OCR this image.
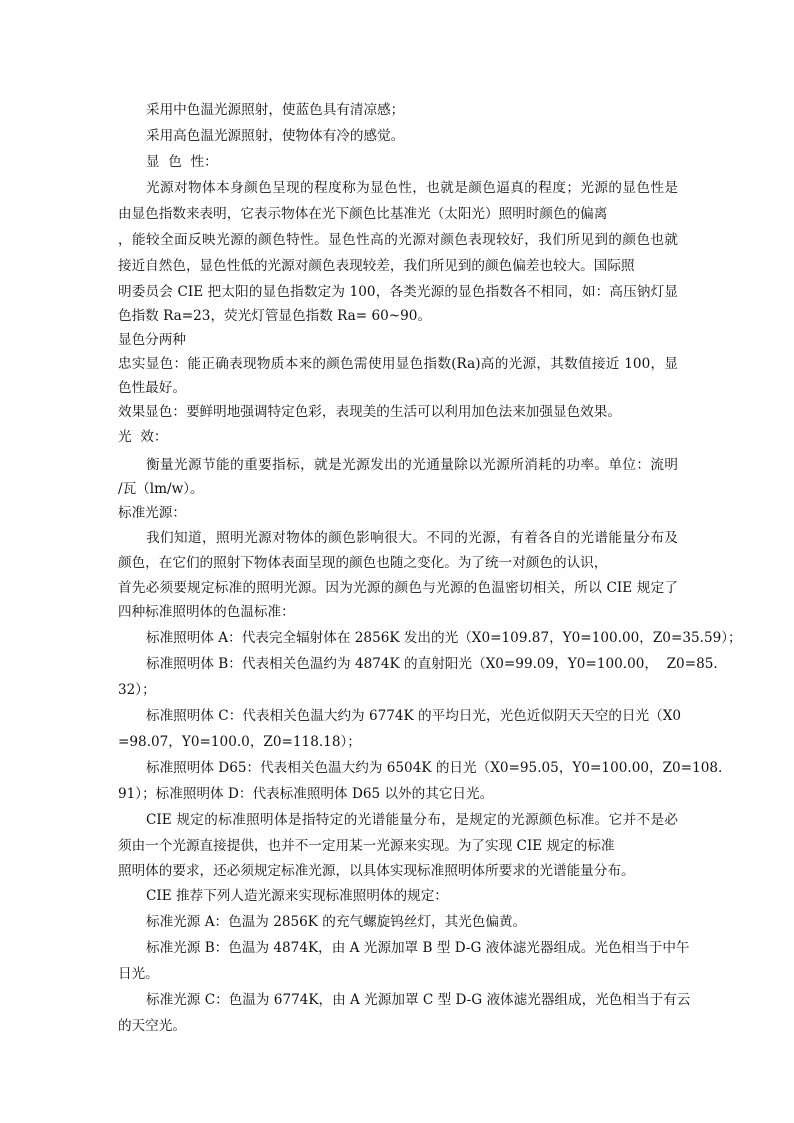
采用中色温光源照射，使蓝色具有清凉感；
采用高色温光源照射，使物体有冷的感觉。
显  色  性：
光源对物体本身颜色呈现的程度称为显色性，也就是颜色逼真的程度；光源的显色性是
由显色指数来表明，它表示物体在光下颜色比基准光（太阳光）照明时颜色的偏离
，能较全面反映光源的颜色特性。显色性高的光源对颜色表现较好，我们所见到的颜色也就
接近自然色，显色性低的光源对颜色表现较差，我们所见到的颜色偏差也较大。国际照
明委员会 CIE 把太阳的显色指数定为 100，各类光源的显色指数各不相同，如：高压钠灯显
色指数 Ra=23，荧光灯管显色指数 Ra= 60~90。
显色分两种
忠实显色：能正确表现物质本来的颜色需使用显色指数(Ra)高的光源，其数值接近 100，显
色性最好。
效果显色：要鲜明地强调特定色彩，表现美的生活可以利用加色法来加强显色效果。
光  效：
衡量光源节能的重要指标，就是光源发出的光通量除以光源所消耗的功率。单位：流明
/瓦（lm/w）。
标准光源：
我们知道，照明光源对物体的颜色影响很大。不同的光源，有着各自的光谱能量分布及
颜色，在它们的照射下物体表面呈现的颜色也随之变化。为了统一对颜色的认识，
首先必须要规定标准的照明光源。因为光源的颜色与光源的色温密切相关，所以 CIE 规定了
四种标准照明体的色温标准：
标准照明体 A：代表完全辐射体在 2856K 发出的光（X0=109.87，Y0=100.00，Z0=35.59）；
标准照明体 B：代表相关色温约为 4874K 的直射阳光（X0=99.09，Y0=100.00，  Z0=85.
32）；
标准照明体 C：代表相关色温大约为 6774K 的平均日光，光色近似阴天天空的日光（X0
=98.07，Y0=100.0，Z0=118.18）；
标准照明体 D65：代表相关色温大约为 6504K 的日光（X0=95.05，Y0=100.00，Z0=108.
91）；标准照明体 D：代表标准照明体 D65 以外的其它日光。
CIE 规定的标准照明体是指特定的光谱能量分布，是规定的光源颜色标准。它并不是必
须由一个光源直接提供，也并不一定用某一光源来实现。为了实现 CIE 规定的标准
照明体的要求，还必须规定标准光源，以具体实现标准照明体所要求的光谱能量分布。
CIE 推荐下列人造光源来实现标准照明体的规定：
标准光源 A：色温为 2856K 的充气螺旋钨丝灯，其光色偏黄。
标准光源 B：色温为 4874K，由 A 光源加罩 B 型 D-G 液体滤光器组成。光色相当于中午
日光。
标准光源 C：色温为 6774K，由 A 光源加罩 C 型 D-G 液体滤光器组成，光色相当于有云
的天空光。
